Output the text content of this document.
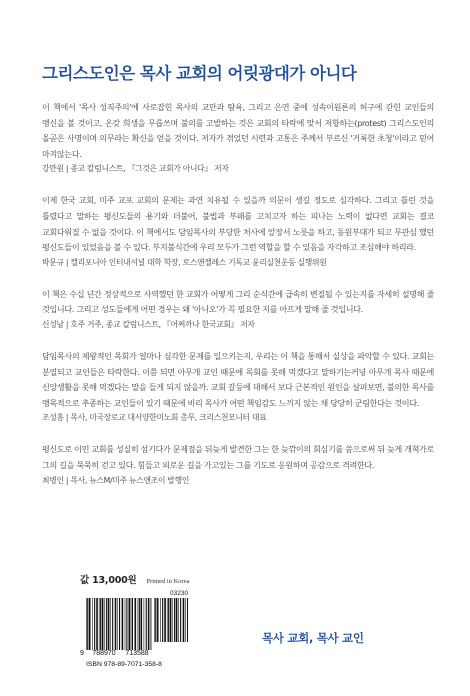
그리스도인은 목사 교회의 어릿광대가 아니다

이 책에서 '목사 성직주의'에 사로잡힌 목사의 교만과 탐욕, 그리고 은연 중에 성속이원론의 허구에 갇힌 교인들의 맹신을 볼 것이고, 온갖 희생을 무릅쓰며 불의를 고발하는 것은 교회의 타락에 맞서 저항하는(protest) 그리스도인의 올곧은 사명이며 의무라는 확신을 얻을 것이다. 저자가 겪었던 시련과 고통은 주께서 부르신 '거룩한 초청'이라고 믿어 마지않는다.

강만원 | 종교 칼럼니스트, 『그것은 교회가 아니다』 저자

이제 한국 교회, 미주 교포 교회의 문제는 과연 치유될 수 있을까 의문이 생길 정도로 심각하다. 그리고 틀린 것을 틀렸다고 말하는 평신도들의 용기와 더불어, 불법과 부패를 고치고자 하는 피나는 노력이 없다면 교회는 결코 교회다워질 수 없을 것이다. 이 책에서도 담임목사의 부당한 처사에 앞장서 노릇을 하고, 동원부대가 되고 무관심 했던 평신도들이 있었음을 볼 수 있다. 부지불식간에 우리 모두가 그런 역할을 할 수 있음을 자각하고 조심해야 하리라.

박문규 | 캘리포니아 인터내셔널 대학 학장, 로스앤젤레스 기독교 윤리실천운동 실행위원

이 책은 수십 년간 정상적으로 사역했던 한 교회가 어떻게 그리 순식간에 급속히 변질될 수 있는지를 자세히 설명해 줄 것입니다. 그리고 성도들에게 어떤 경우는 왜 '아니오'가 꼭 필요한 지를 아프게 말해 줄 것입니다.

신성남 | 호주 거주, 종교 칼럼니스트, 『어쩌까나 한국교회』 저자

담임목사의 제왕적인 목회가 얼마나 심각한 문제를 일으키는지, 우리는 이 책을 통해서 실상을 파악할 수 있다. 교회는 분열되고 교인들은 타락한다. 이쯤 되면 아무개 교인 때문에 목회를 못해 먹겠다고 말하기는커녕 아무개 목사 때문에 신앙생활을 못해 먹겠다는 말을 들게 되지 않을까. 교회 갈등에 대해서 보다 근본적인 원인을 살펴보면, 불의한 목사를 맹목적으로 추종하는 교인들이 있기 때문에 비리 목사가 어떤 책임감도 느끼지 않는 채 당당히 군림한다는 것이다.

조성흠 | 목사, 미국장로교 대서양한미노회 총무, 크리스천모니터 대표

평신도로 이민 교회를 성실히 섬기다가 문제점을 뒤늦게 발견한 그는 한 늦깎이의 회심기를 씀으로써 뒤 늦게 개혁가로 그의 길을 묵묵히 걷고 있다. 힘들고 외로운 길을 가고있는 그를 기도로 응원하며 공감으로 격려한다.

최병인 | 목사, 뉴스M/미주 뉴스앤조이 발행인
값 13,000원 Printed in Korea
03230
9	788970	713588
ISBN 978-89-7071-358-8
목사 교회, 목사 교인
